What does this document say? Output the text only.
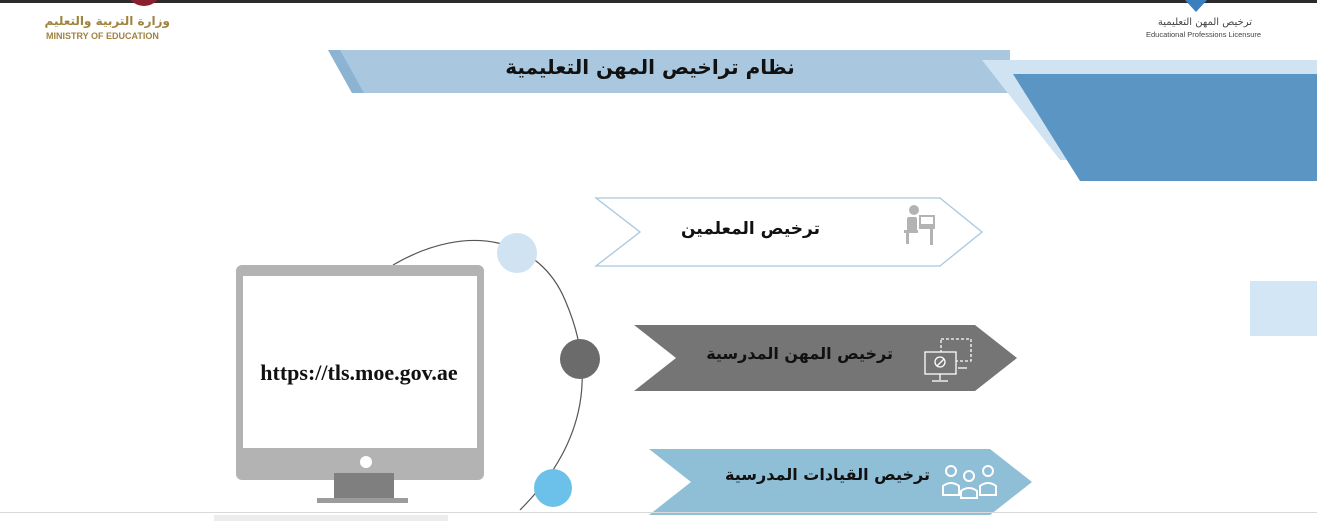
وزارة التربية والتعليم
MINISTRY OF EDUCATION
ترخيص المهن التعليمية
Educational Professions Licensure
نظام تراخيص المهن التعليمية
https://tls.moe.gov.ae
ترخيص المعلمين
ترخيص المهن المدرسية
ترخيص القيادات المدرسية
